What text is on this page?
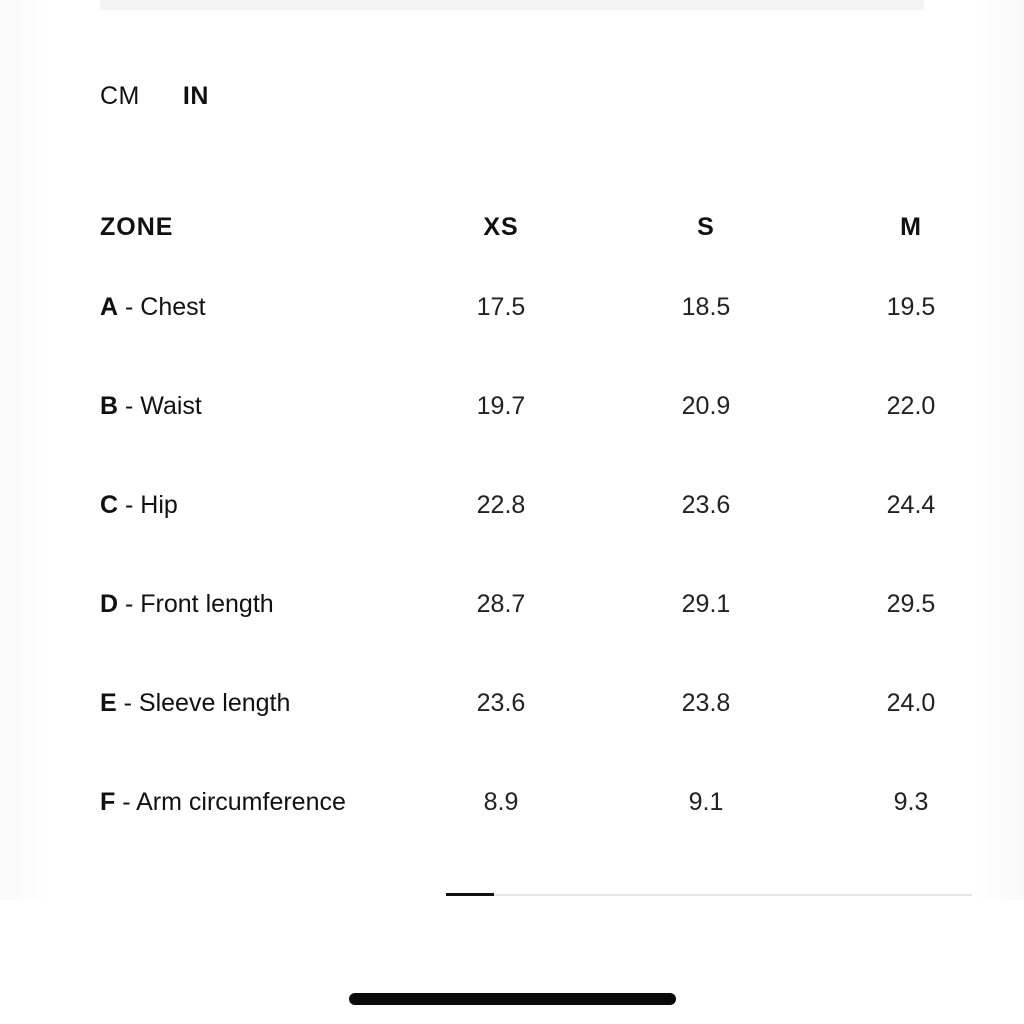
CM IN
ZONE	XS	S	M
A - Chest	17.5	18.5	19.5
B - Waist	19.7	20.9	22.0
C - Hip	22.8	23.6	24.4
D - Front length	28.7	29.1	29.5
E - Sleeve length	23.6	23.8	24.0
F - Arm circumference	8.9	9.1	9.3
